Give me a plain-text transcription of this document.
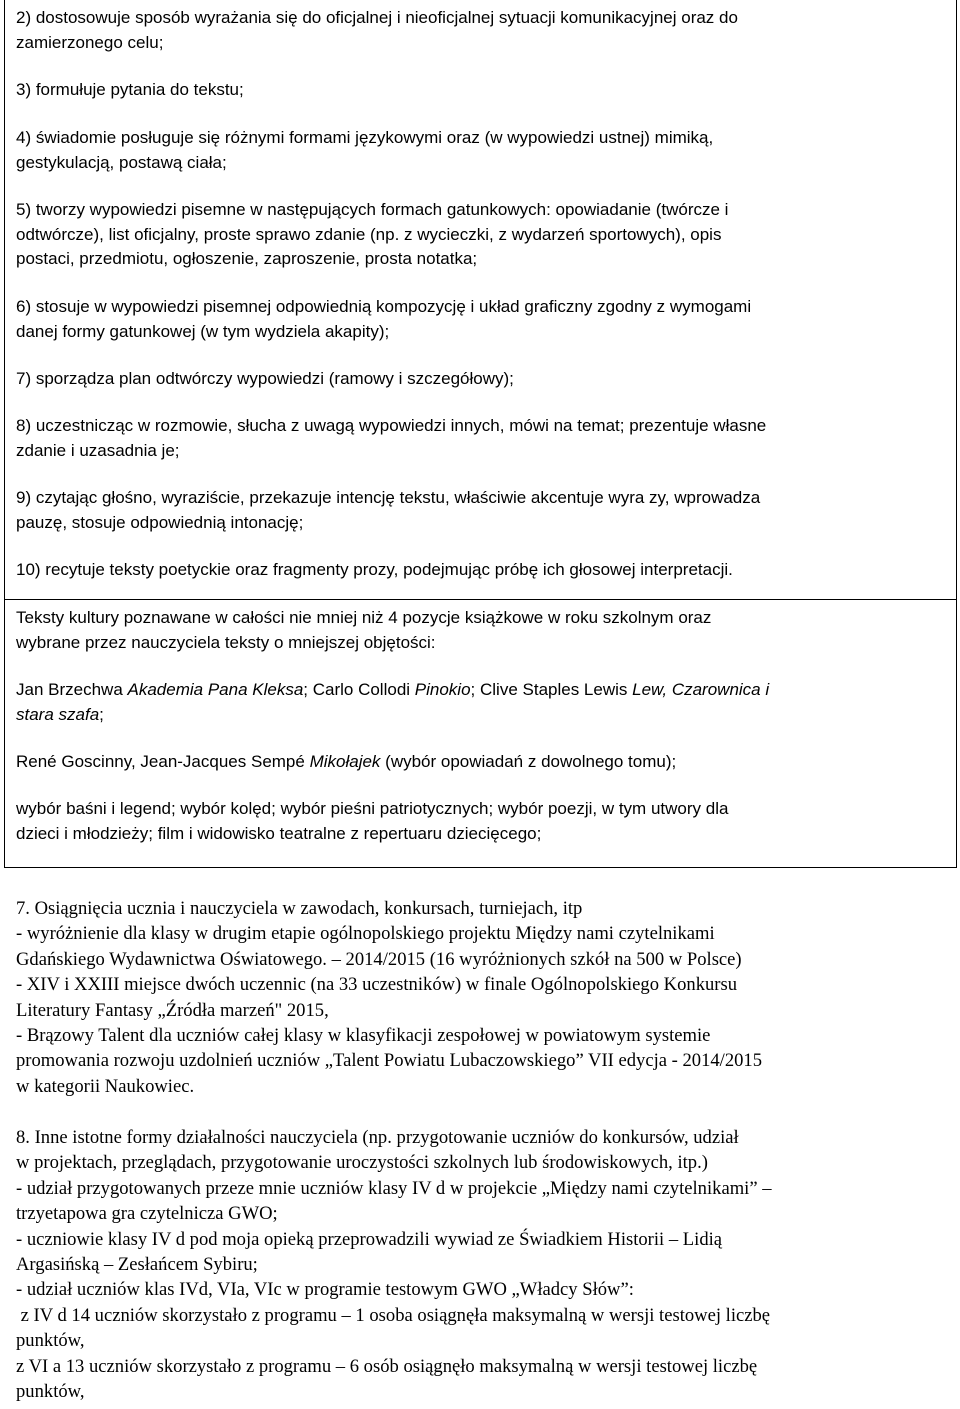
2) dostosowuje sposób wyrażania się do oficjalnej i nieoficjalnej sytuacji komunikacyjnej oraz do
zamierzonego celu;

3) formułuje pytania do tekstu;

4) świadomie posługuje się różnymi formami językowymi oraz (w wypowiedzi ustnej) mimiką,
gestykulacją, postawą ciała;

5) tworzy wypowiedzi pisemne w następujących formach gatunkowych: opowiadanie (twórcze i
odtwórcze), list oficjalny, proste sprawo zdanie (np. z wycieczki, z wydarzeń sportowych), opis
postaci, przedmiotu, ogłoszenie, zaproszenie, prosta notatka;

6) stosuje w wypowiedzi pisemnej odpowiednią kompozycję i układ graficzny zgodny z wymogami
danej formy gatunkowej (w tym wydziela akapity);

7) sporządza plan odtwórczy wypowiedzi (ramowy i szczegółowy);

8) uczestnicząc w rozmowie, słucha z uwagą wypowiedzi innych, mówi na temat; prezentuje własne
zdanie i uzasadnia je;

9) czytając głośno, wyraziście, przekazuje intencję tekstu, właściwie akcentuje wyra zy, wprowadza
pauzę, stosuje odpowiednią intonację;

10) recytuje teksty poetyckie oraz fragmenty prozy, podejmując próbę ich głosowej interpretacji.

Teksty kultury poznawane w całości nie mniej niż 4 pozycje książkowe w roku szkolnym oraz
wybrane przez nauczyciela teksty o mniejszej objętości:

Jan Brzechwa Akademia Pana Kleksa; Carlo Collodi Pinokio; Clive Staples Lewis Lew, Czarownica i
stara szafa;

René Goscinny, Jean-Jacques Sempé Mikołajek (wybór opowiadań z dowolnego tomu);

wybór baśni i legend; wybór kolęd; wybór pieśni patriotycznych; wybór poezji, w tym utwory dla
dzieci i młodzieży; film i widowisko teatralne z repertuaru dziecięcego;

7. Osiągnięcia ucznia i nauczyciela w zawodach, konkursach, turniejach, itp
- wyróżnienie dla klasy w drugim etapie ogólnopolskiego projektu Między nami czytelnikami
Gdańskiego Wydawnictwa Oświatowego. – 2014/2015 (16 wyróżnionych szkół na 500 w Polsce)
- XIV i XXIII miejsce dwóch uczennic (na 33 uczestników) w finale Ogólnopolskiego Konkursu
Literatury Fantasy „Źródła marzeń" 2015,
- Brązowy Talent dla uczniów całej klasy w klasyfikacji zespołowej w powiatowym systemie
promowania rozwoju uzdolnień uczniów „Talent Powiatu Lubaczowskiego” VII edycja - 2014/2015
w kategorii Naukowiec.
8. Inne istotne formy działalności nauczyciela (np. przygotowanie uczniów do konkursów, udział
w projektach, przeglądach, przygotowanie uroczystości szkolnych lub środowiskowych, itp.)
- udział przygotowanych przeze mnie uczniów klasy IV d w projekcie „Między nami czytelnikami” –
trzyetapowa gra czytelnicza GWO;
- uczniowie klasy IV d pod moja opieką przeprowadzili wywiad ze Świadkiem Historii – Lidią
Argasińską – Zesłańcem Sybiru;
- udział uczniów klas IVd, VIa, VIc w programie testowym GWO „Władcy Słów”:
z IV d 14 uczniów skorzystało z programu – 1 osoba osiągnęła maksymalną w wersji testowej liczbę
punktów,
z VI a 13 uczniów skorzystało z programu – 6 osób osiągnęło maksymalną w wersji testowej liczbę
punktów,
